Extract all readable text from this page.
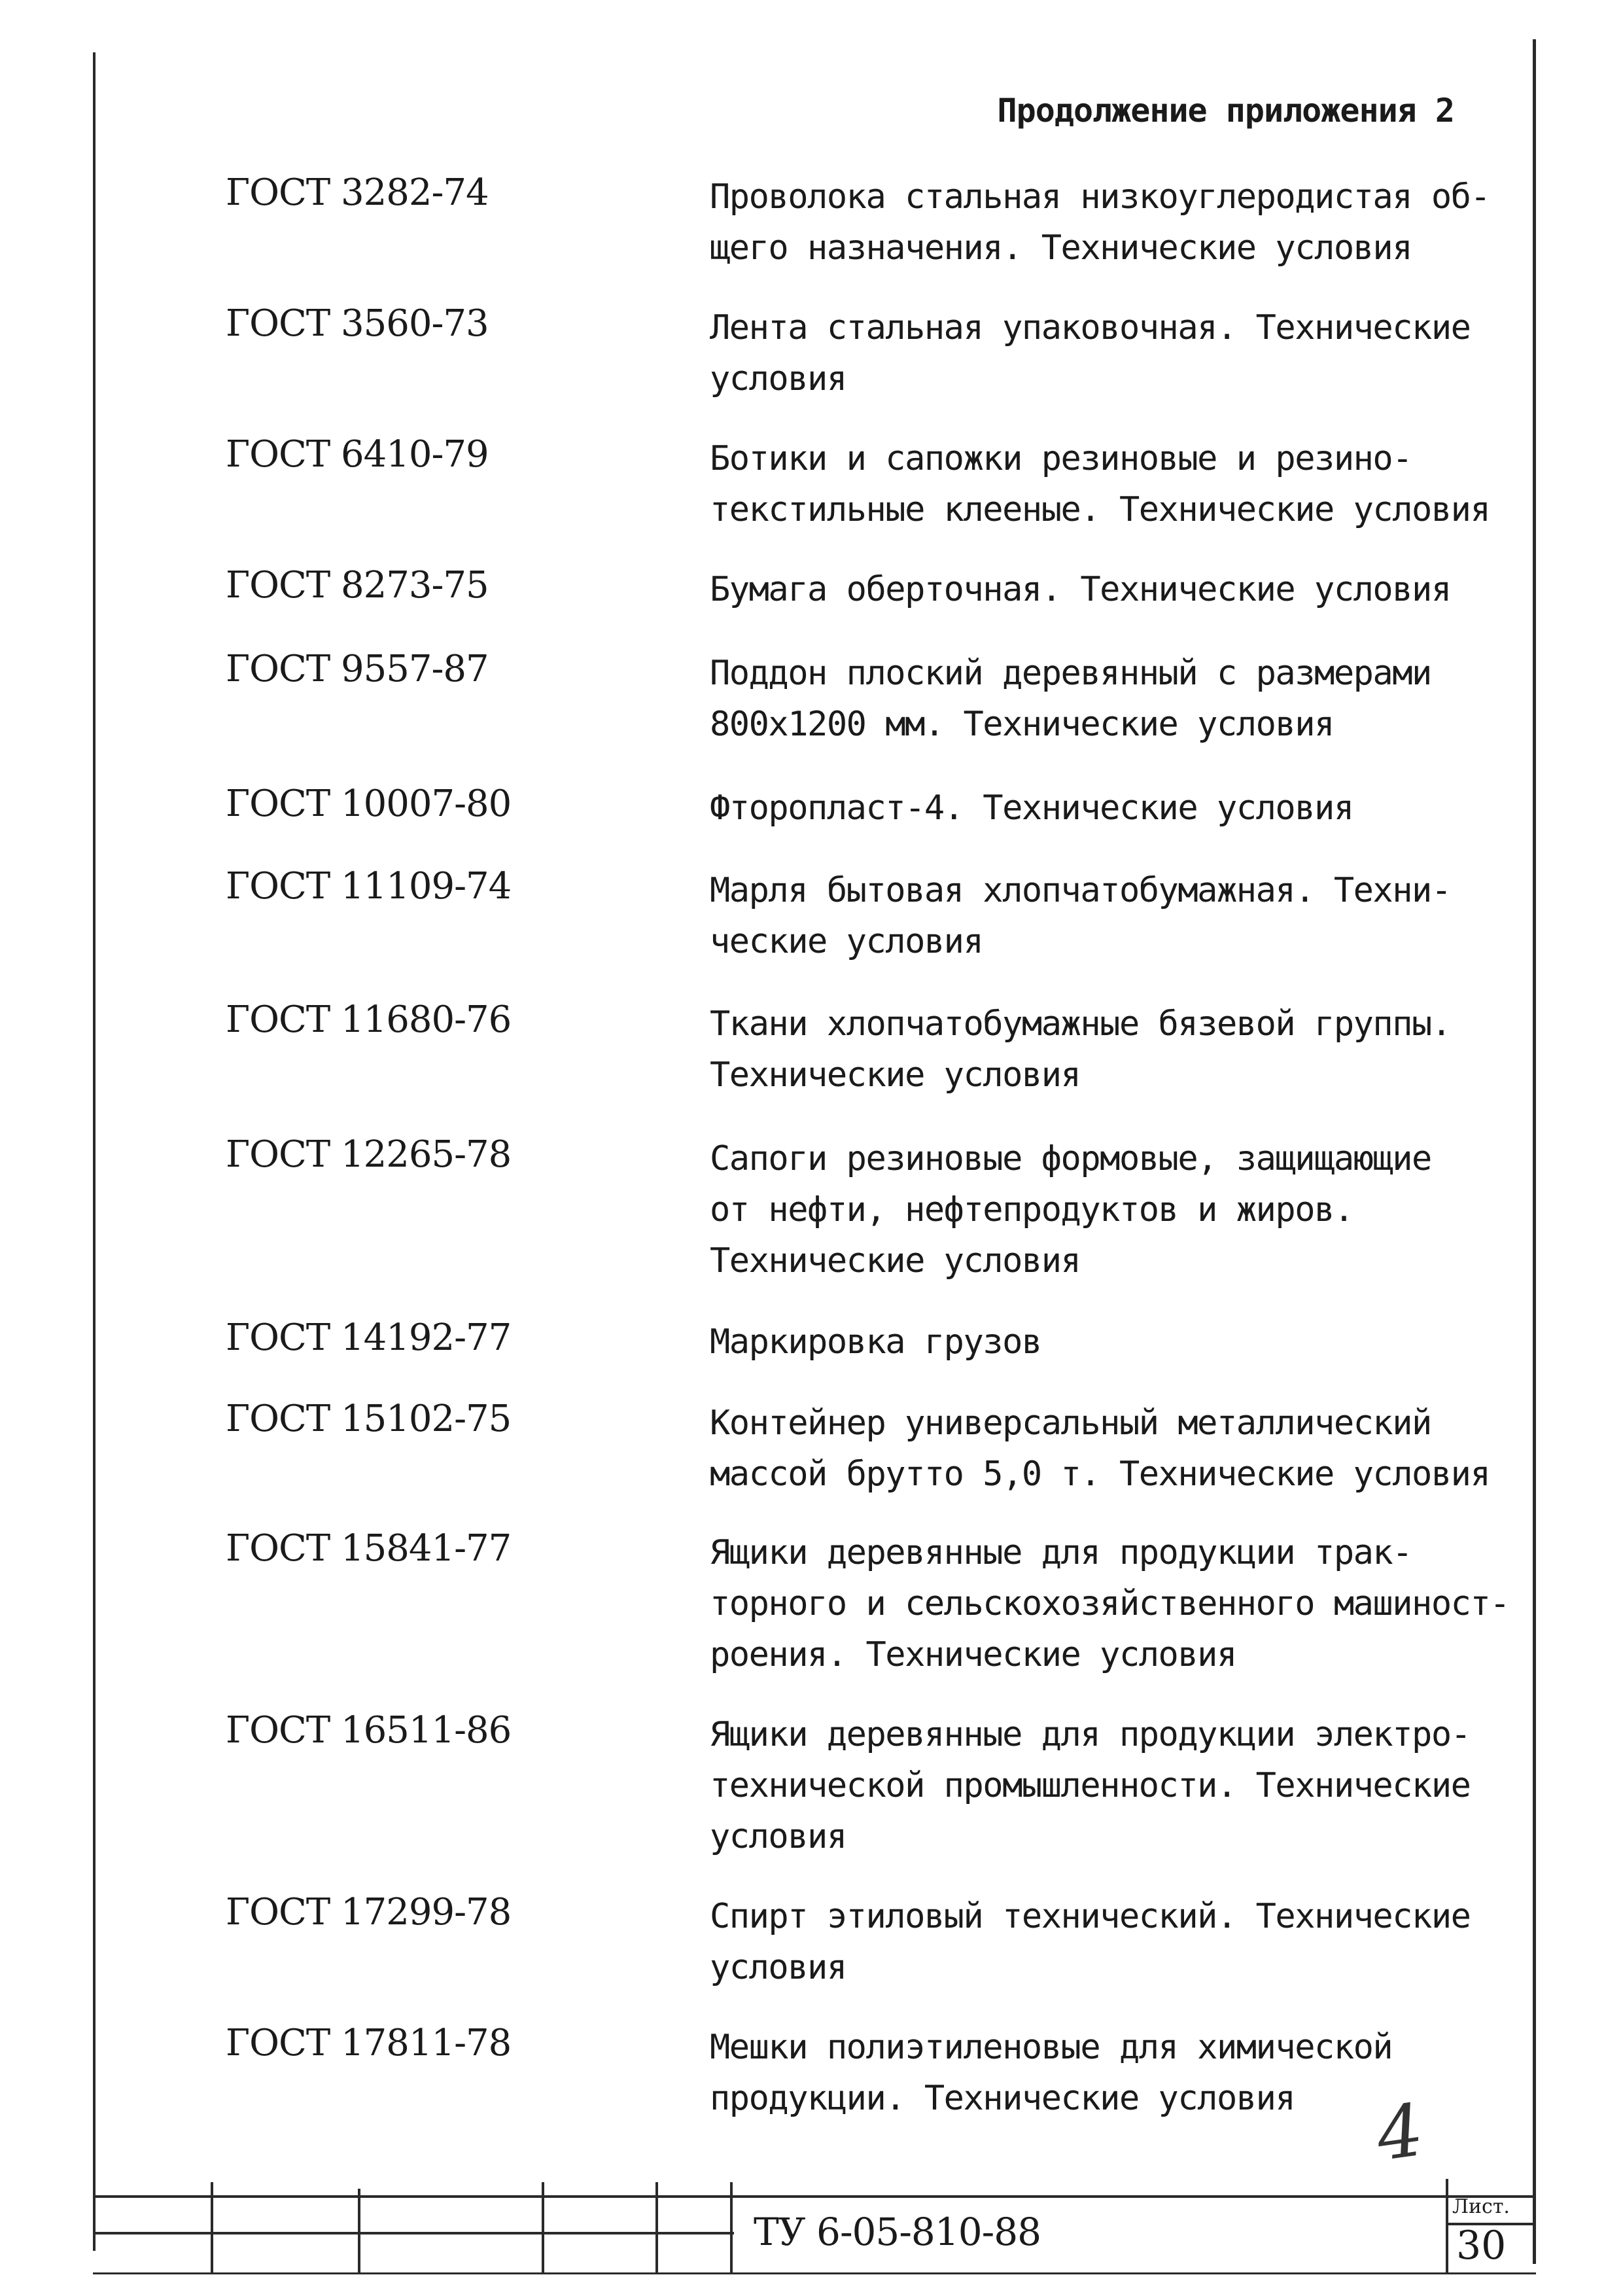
Продолжение приложения 2
ГОСТ 3282-74	Проволока стальная низкоуглеродистая об-
щего назначения. Технические условия
ГОСТ 3560-73	Лента стальная упаковочная. Технические
условия
ГОСТ 6410-79	Ботики и сапожки резиновые и резино-
текстильные клееные. Технические условия
ГОСТ 8273-75	Бумага оберточная. Технические условия
ГОСТ 9557-87	Поддон плоский деревянный с размерами
800x1200 мм. Технические условия
ГОСТ 10007-80	Фторопласт-4. Технические условия
ГОСТ 11109-74	Марля бытовая хлопчатобумажная. Техни-
ческие условия
ГОСТ 11680-76	Ткани хлопчатобумажные бязевой группы.
Технические условия
ГОСТ 12265-78	Сапоги резиновые формовые, защищающие
от нефти, нефтепродуктов и жиров.
Технические условия
ГОСТ 14192-77	Маркировка грузов
ГОСТ 15102-75	Контейнер универсальный металлический
массой брутто 5,0 т. Технические условия
ГОСТ 15841-77	Ящики деревянные для продукции трак-
торного и сельскохозяйственного машиност-
роения. Технические условия
ГОСТ 16511-86	Ящики деревянные для продукции электро-
технической промышленности. Технические
условия
ГОСТ 17299-78	Спирт этиловый технический. Технические
условия
ГОСТ 17811-78	Мешки полиэтиленовые для химической
продукции. Технические условия	4
ТУ 6-05-810-88
Лист.
30
